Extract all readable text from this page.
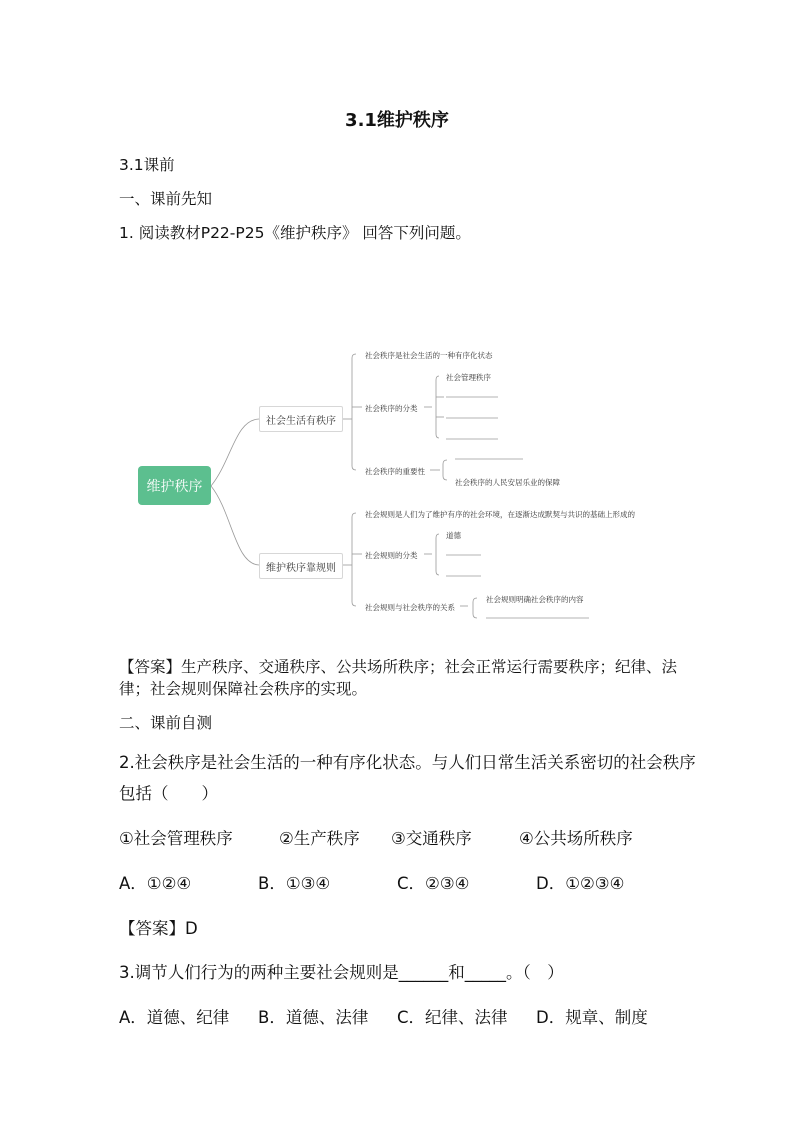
3.1维护秩序
3.1课前
一、课前先知
1. 阅读教材P22-P25《维护秩序》 回答下列问题。
维护秩序
社会生活有秩序
维护秩序靠规则
社会秩序是社会生活的一种有序化状态
社会秩序的分类
社会管理秩序
社会秩序的重要性
社会秩序的人民安居乐业的保障
社会规则是人们为了维护有序的社会环境，在逐渐达成默契与共识的基础上形成的
社会规则的分类
道德
社会规则与社会秩序的关系
社会规则明确社会秩序的内容
【答案】生产秩序、交通秩序、公共场所秩序；社会正常运行需要秩序；纪律、法律；社会规则保障社会秩序的实现。
二、课前自测
2.社会秩序是社会生活的一种有序化状态。与人们日常生活关系密切的社会秩序
包括（　　）
①社会管理秩序	②生产秩序 ③交通秩序	④公共场所秩序
A．①②④	B．①③④	C．②③④	D．①②③④
【答案】D
3.调节人们行为的两种主要社会规则是______和_____。（　）
A．道德、纪律 B．道德、法律 C．纪律、法律 D．规章、制度
